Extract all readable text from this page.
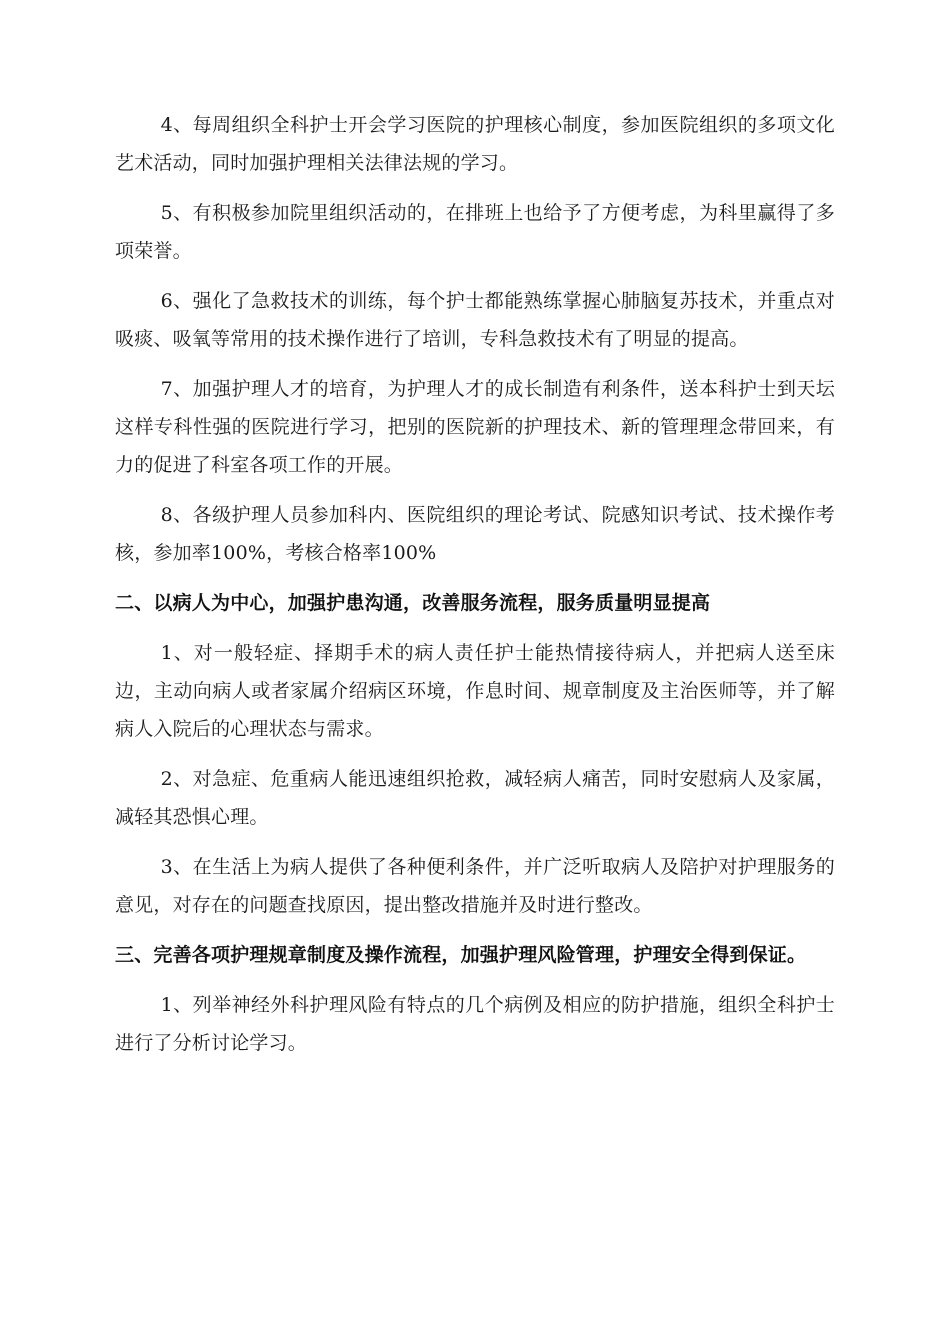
4、每周组织全科护士开会学习医院的护理核心制度，参加医院组织的多项文化艺术活动，同时加强护理相关法律法规的学习。

5、有积极参加院里组织活动的，在排班上也给予了方便考虑，为科里赢得了多项荣誉。

6、强化了急救技术的训练，每个护士都能熟练掌握心肺脑复苏技术，并重点对吸痰、吸氧等常用的技术操作进行了培训，专科急救技术有了明显的提高。

7、加强护理人才的培育，为护理人才的成长制造有利条件，送本科护士到天坛这样专科性强的医院进行学习，把别的医院新的护理技术、新的管理理念带回来，有力的促进了科室各项工作的开展。

8、各级护理人员参加科内、医院组织的理论考试、院感知识考试、技术操作考核，参加率100%，考核合格率100%

二、以病人为中心，加强护患沟通，改善服务流程，服务质量明显提高

1、对一般轻症、择期手术的病人责任护士能热情接待病人，并把病人送至床边，主动向病人或者家属介绍病区环境，作息时间、规章制度及主治医师等，并了解病人入院后的心理状态与需求。

2、对急症、危重病人能迅速组织抢救，减轻病人痛苦，同时安慰病人及家属，减轻其恐惧心理。

3、在生活上为病人提供了各种便利条件，并广泛听取病人及陪护对护理服务的意见，对存在的问题查找原因，提出整改措施并及时进行整改。

三、完善各项护理规章制度及操作流程，加强护理风险管理，护理安全得到保证。

1、列举神经外科护理风险有特点的几个病例及相应的防护措施，组织全科护士进行了分析讨论学习。
